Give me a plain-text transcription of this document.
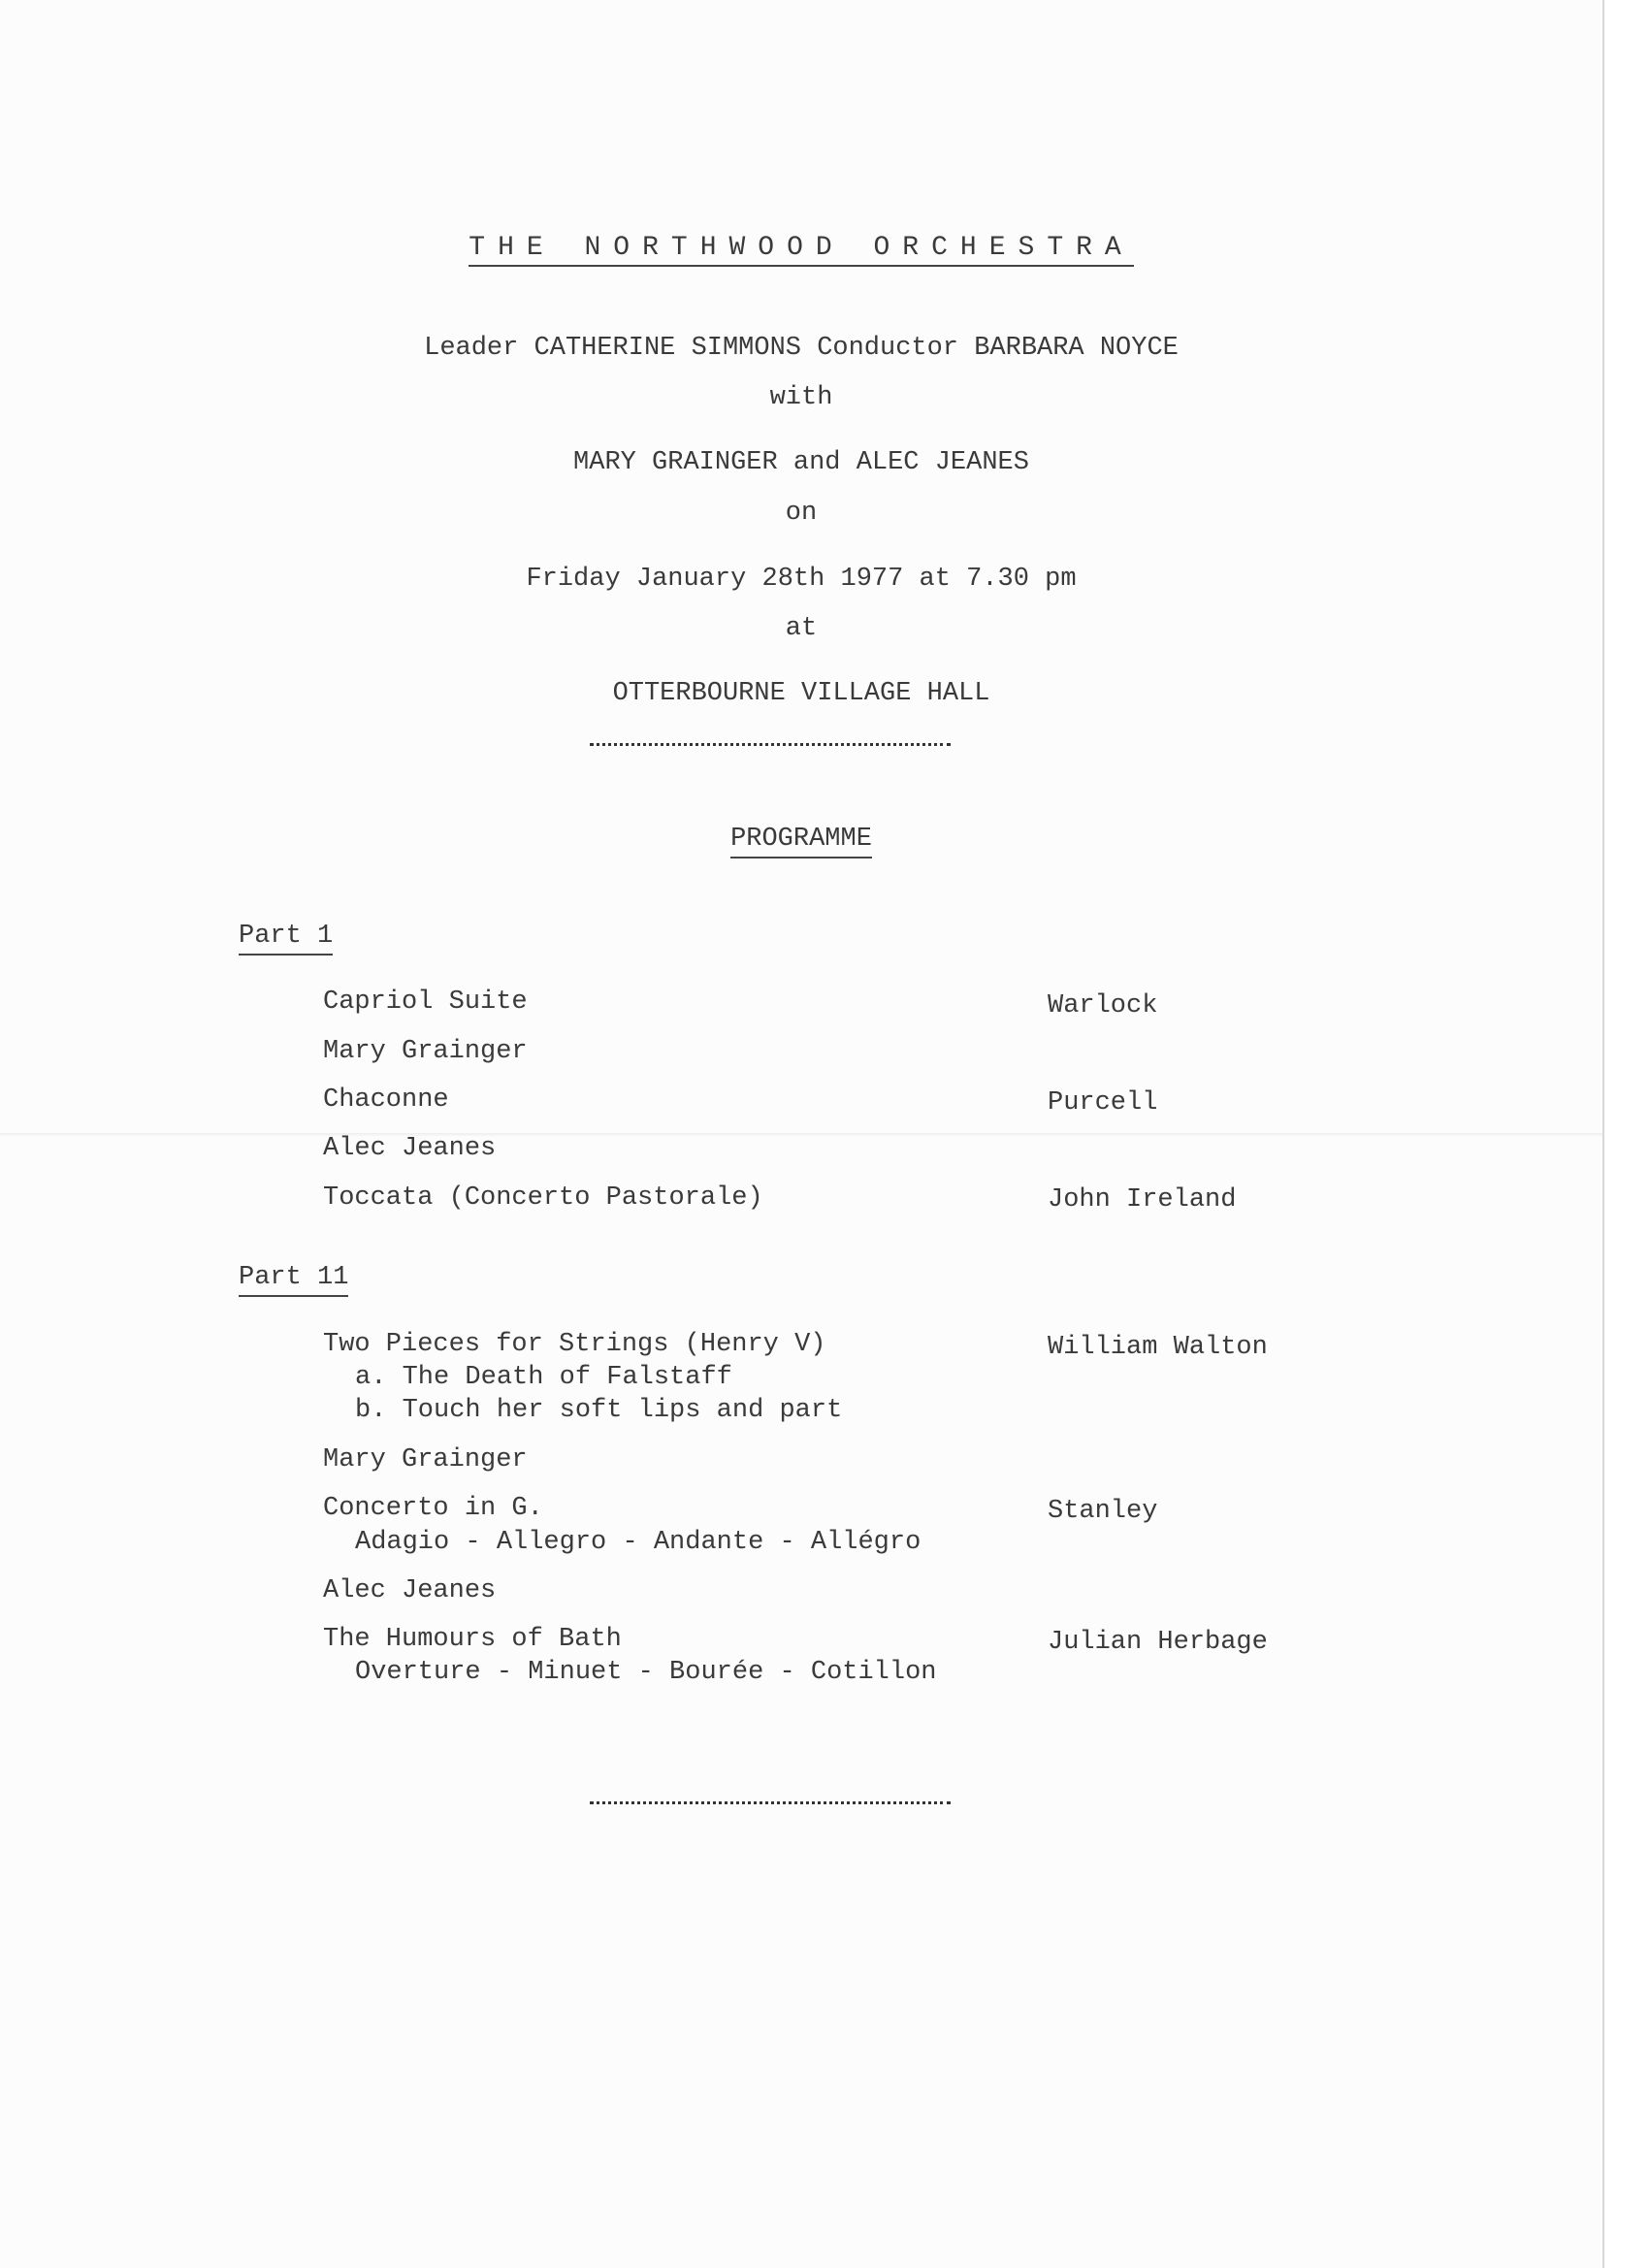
THE NORTHWOOD ORCHESTRA
Leader CATHERINE SIMMONS Conductor BARBARA NOYCE
with
MARY GRAINGER and ALEC JEANES
on
Friday January 28th 1977 at 7.30 pm
at
OTTERBOURNE VILLAGE HALL
PROGRAMME
Part 1
Capriol Suite	Warlock
Mary Grainger
Chaconne	Purcell
Alec Jeanes
Toccata (Concerto Pastorale)	John Ireland
Part 11
Two Pieces for Strings (Henry V)	William Walton
a. The Death of Falstaff
b. Touch her soft lips and part
Mary Grainger
Concerto in G.	Stanley
Adagio - Allegro - Andante - Allégro
Alec Jeanes
The Humours of Bath	Julian Herbage
Overture - Minuet - Bourée - Cotillon
